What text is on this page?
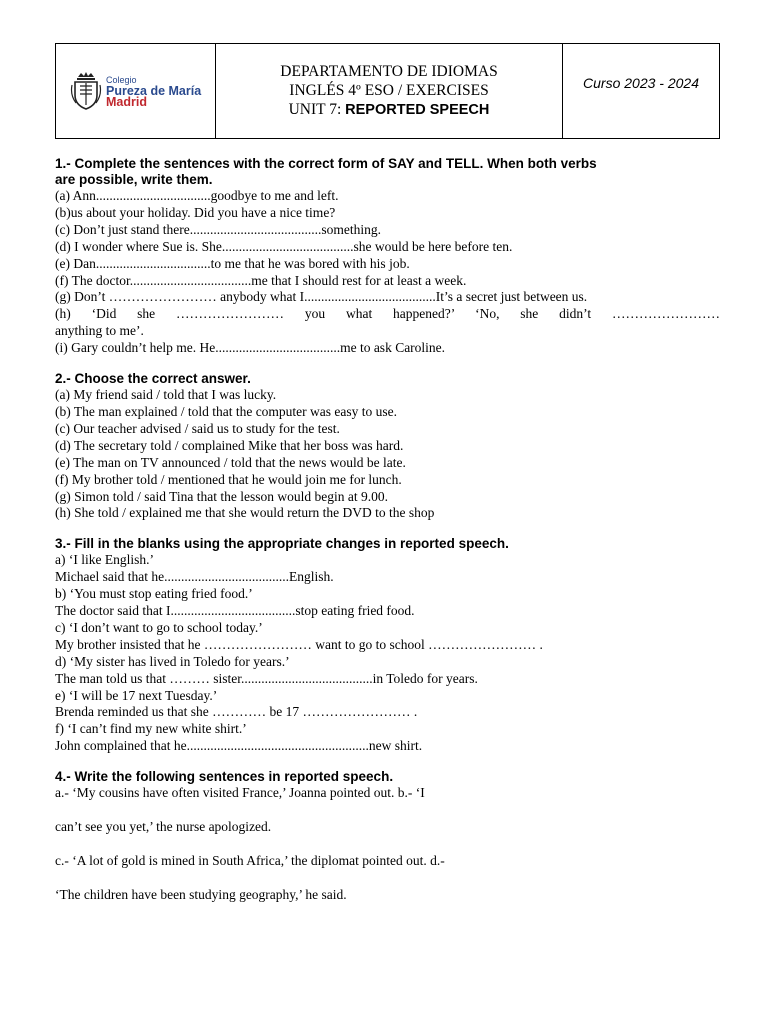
Colegio
Pureza de María
Madrid
DEPARTAMENTO DE IDIOMAS
INGLÉS 4º ESO / EXERCISES
UNIT 7: REPORTED SPEECH
Curso 2023 - 2024

1.- Complete the sentences with the correct form of SAY and TELL. When both verbs

are possible, write them.

(a) Ann..................................goodbye to me and left.
(b)us about your holiday. Did you have a nice time?
(c) Don’t just stand there.......................................something.
(d) I wonder where Sue is. She.......................................she would be here before ten.
(e) Dan..................................to me that he was bored with his job.
(f) The doctor....................................me that I should rest for at least a week.
(g) Don’t …………………… anybody what I.......................................It’s a secret just between us.
(h) ‘Did she …………………… you what happened?’ ‘No, she didn’t ……………………
anything to me’.
(i) Gary couldn’t help me. He.....................................me to ask Caroline.

2.- Choose the correct answer.

(a) My friend said / told that I was lucky.
(b) The man explained / told that the computer was easy to use.
(c) Our teacher advised / said us to study for the test.
(d) The secretary told / complained Mike that her boss was hard.
(e) The man on TV announced / told that the news would be late.
(f) My brother told / mentioned that he would join me for lunch.
(g) Simon told / said Tina that the lesson would begin at 9.00.
(h) She told / explained me that she would return the DVD to the shop

3.- Fill in the blanks using the appropriate changes in reported speech.

a) ‘I like English.’
Michael said that he.....................................English.
b) ‘You must stop eating fried food.’
The doctor said that I.....................................stop eating fried food.
c) ‘I don’t want to go to school today.’
My brother insisted that he …………………… want to go to school …………………… .
d) ‘My sister has lived in Toledo for years.’
The man told us that ……… sister.......................................in Toledo for years.
e) ‘I will be 17 next Tuesday.’
Brenda reminded us that she ………… be 17 …………………… .
f) ‘I can’t find my new white shirt.’
John complained that he......................................................new shirt.

4.- Write the following sentences in reported speech.

a.- ‘My cousins have often visited France,’ Joanna pointed out. b.- ‘I
can’t see you yet,’ the nurse apologized.
c.- ‘A lot of gold is mined in South Africa,’ the diplomat pointed out. d.-
‘The children have been studying geography,’ he said.
